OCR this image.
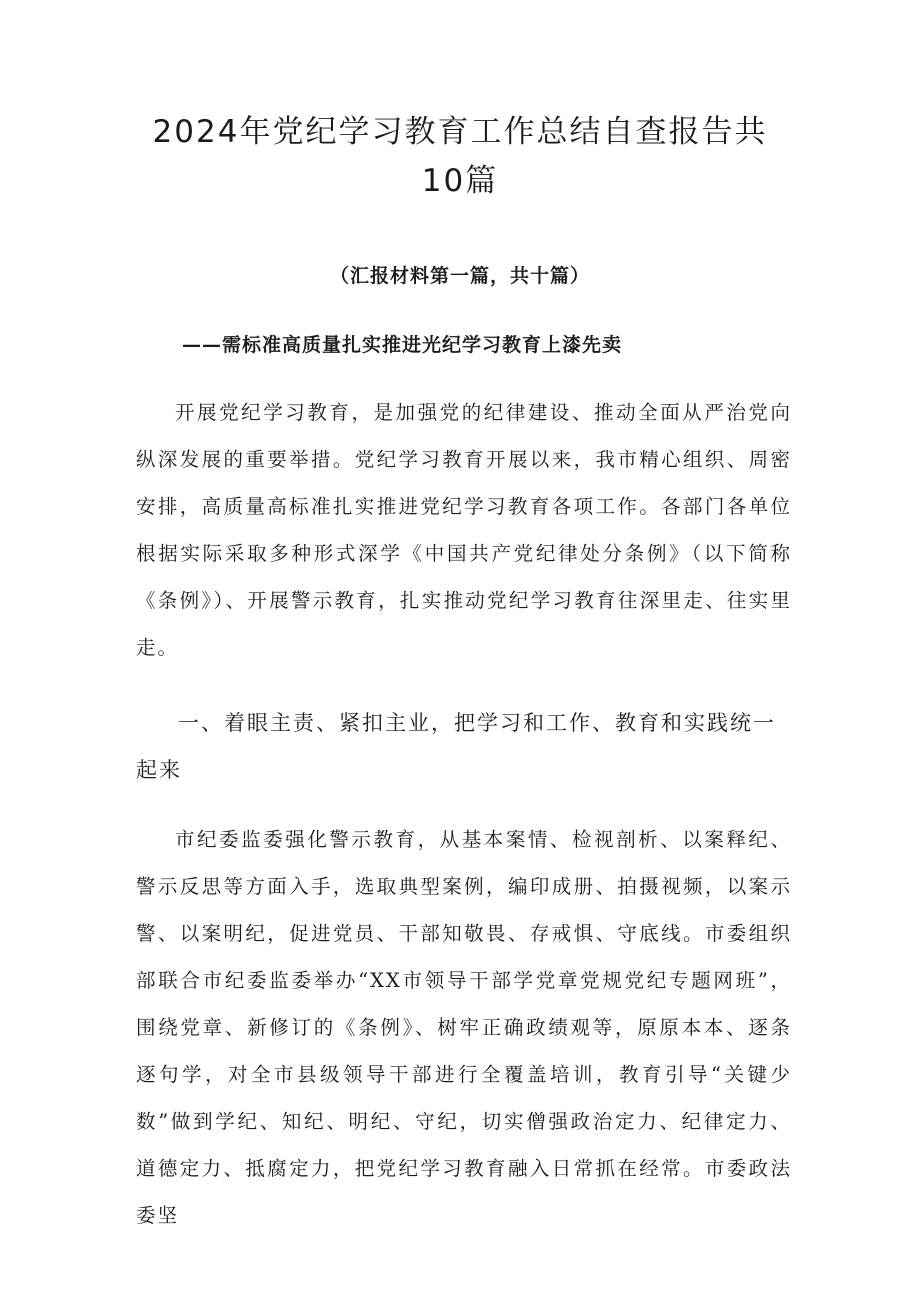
2024年党纪学习教育工作总结自查报告共
10篇

（汇报材料第一篇，共十篇）

——需标准高质量扎实推进光纪学习教育上漆先卖

开展党纪学习教育，是加强党的纪律建设、推动全面从严治党向纵深发展的重要举措。党纪学习教育开展以来，我市精心组织、周密安排，高质量高标准扎实推进党纪学习教育各项工作。各部门各单位根据实际采取多种形式深学《中国共产党纪律处分条例》（以下简称《条例》）、开展警示教育，扎实推动党纪学习教育往深里走、往实里走。

一、着眼主责、紧扣主业，把学习和工作、教育和实践统一起来

市纪委监委强化警示教育，从基本案情、检视剖析、以案释纪、警示反思等方面入手，选取典型案例，编印成册、拍摄视频，以案示警、以案明纪，促进党员、干部知敬畏、存戒惧、守底线。市委组织部联合市纪委监委举办“XX市领导干部学党章党规党纪专题网班”，围绕党章、新修订的《条例》、树牢正确政绩观等，原原本本、逐条逐句学，对全市县级领导干部进行全覆盖培训，教育引导“关键少数”做到学纪、知纪、明纪、守纪，切实僧强政治定力、纪律定力、道德定力、抵腐定力，把党纪学习教育融入日常抓在经常。市委政法委坚
